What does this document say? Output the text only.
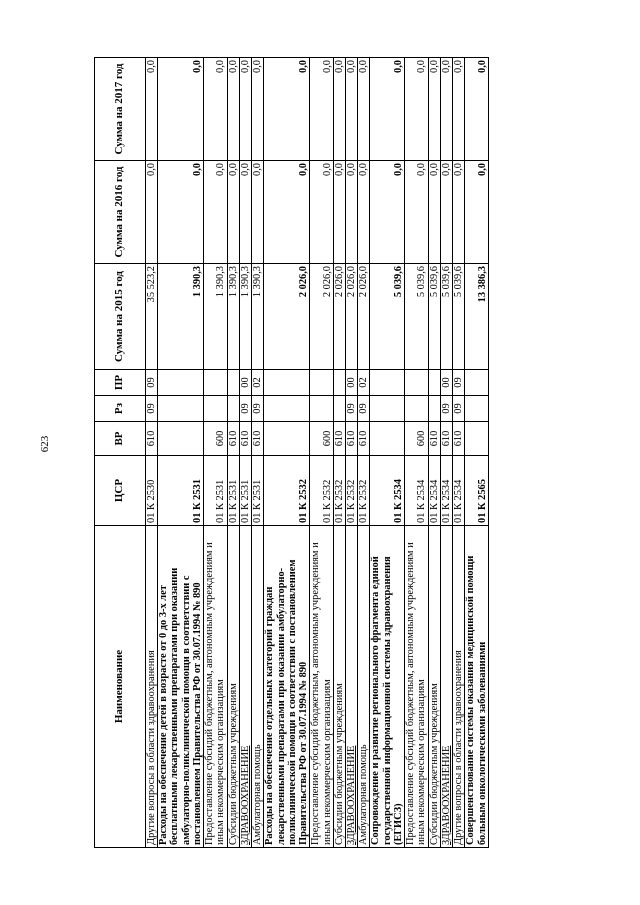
623
Наименование	ЦСР	ВР	Рз	ПР	Сумма на 2015 год	Сумма на 2016 год	Сумма на 2017 год
Другие вопросы в области здравоохранения	01 К 2530	610	09	09	35 523,2	0,0	0,0
Расходы на обеспечение детей в возрасте от 0 до 3-х лет бесплатными лекарственными препаратами при оказании амбулаторно-поликлинической помощи в соответствии с постановлением Правительства РФ от 30.07.1994 № 890	01 К 2531				1 390,3	0,0	0,0
Предоставление субсидий бюджетным, автономным учреждениям и иным некоммерческим организациям	01 К 2531	600			1 390,3	0,0	0,0
Субсидии бюджетным учреждениям	01 К 2531	610			1 390,3	0,0	0,0
ЗДРАВООХРАНЕНИЕ	01 К 2531	610	09	00	1 390,3	0,0	0,0
Амбулаторная помощь	01 К 2531	610	09	02	1 390,3	0,0	0,0
Расходы на обеспечение отдельных категорий граждан лекарственными препаратами при оказании амбулаторно-поликлинической помощи в соответствии с постановлением Правительства РФ от 30.07.1994 № 890	01 К 2532				2 026,0	0,0	0,0
Предоставление субсидий бюджетным, автономным учреждениям и иным некоммерческим организациям	01 К 2532	600			2 026,0	0,0	0,0
Субсидии бюджетным учреждениям	01 К 2532	610			2 026,0	0,0	0,0
ЗДРАВООХРАНЕНИЕ	01 К 2532	610	09	00	2 026,0	0,0	0,0
Амбулаторная помощь	01 К 2532	610	09	02	2 026,0	0,0	0,0
Сопровождение и развитие регионального фрагмента единой государственной информационной системы здравоохранения (ЕГИСЗ)	01 К 2534				5 039,6	0,0	0,0
Предоставление субсидий бюджетным, автономным учреждениям и иным некоммерческим организациям	01 К 2534	600			5 039,6	0,0	0,0
Субсидии бюджетным учреждениям	01 К 2534	610			5 039,6	0,0	0,0
ЗДРАВООХРАНЕНИЕ	01 К 2534	610	09	00	5 039,6	0,0	0,0
Другие вопросы в области здравоохранения	01 К 2534	610	09	09	5 039,6	0,0	0,0
Совершенствование системы оказания медицинской помощи больным онкологическими заболеваниями	01 К 2565				13 386,3	0,0	0,0
